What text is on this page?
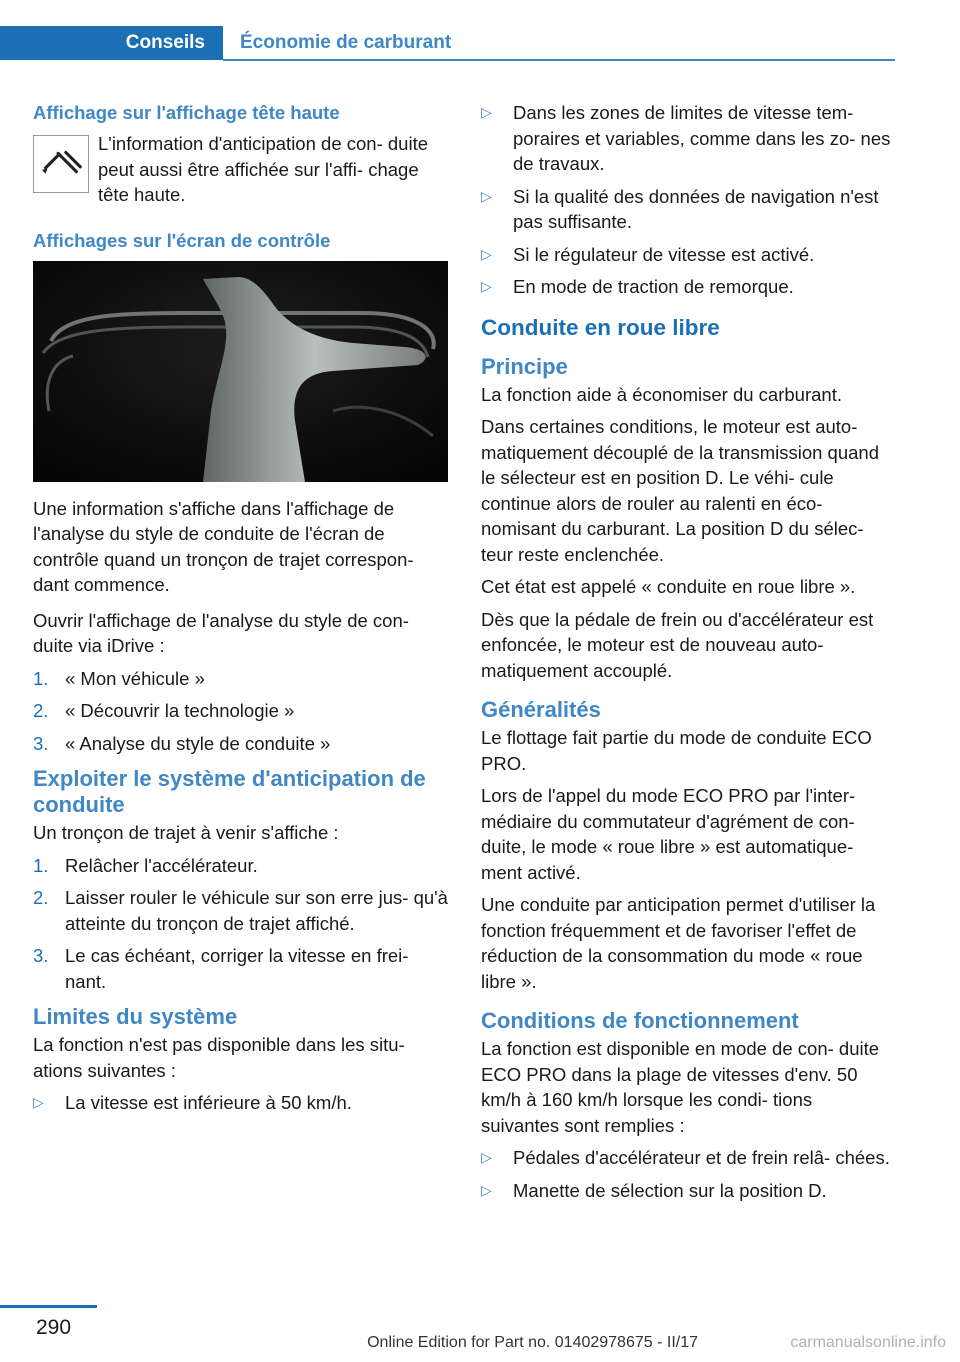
Conseils	Économie de carburant
Affichage sur l'affichage tête haute
L'information d'anticipation de con‐ duite peut aussi être affichée sur l'affi‐ chage tête haute.
Affichages sur l'écran de contrôle

Une information s'affiche dans l'affichage de l'analyse du style de conduite de l'écran de contrôle quand un tronçon de trajet correspon‐ dant commence.

Ouvrir l'affichage de l'analyse du style de con‐ duite via iDrive :

1. « Mon véhicule »
2. « Découvrir la technologie »
3. « Analyse du style de conduite »
Exploiter le système d'anticipation de conduite

Un tronçon de trajet à venir s'affiche :

1. Relâcher l'accélérateur.
2. Laisser rouler le véhicule sur son erre jus‐ qu'à atteinte du tronçon de trajet affiché.
3. Le cas échéant, corriger la vitesse en frei‐ nant.
Limites du système

La fonction n'est pas disponible dans les situ‐ ations suivantes :

▷	La vitesse est inférieure à 50 km/h.
▷	Dans les zones de limites de vitesse tem‐ poraires et variables, comme dans les zo‐ nes de travaux.
▷	Si la qualité des données de navigation n'est pas suffisante.
▷	Si le régulateur de vitesse est activé.
▷	En mode de traction de remorque.
Conduite en roue libre
Principe

La fonction aide à économiser du carburant.

Dans certaines conditions, le moteur est auto‐ matiquement découplé de la transmission quand le sélecteur est en position D. Le véhi‐ cule continue alors de rouler au ralenti en éco‐ nomisant du carburant. La position D du sélec‐ teur reste enclenchée.

Cet état est appelé « conduite en roue libre ».

Dès que la pédale de frein ou d'accélérateur est enfoncée, le moteur est de nouveau auto‐ matiquement accouplé.

Généralités

Le flottage fait partie du mode de conduite ECO PRO.

Lors de l'appel du mode ECO PRO par l'inter‐ médiaire du commutateur d'agrément de con‐ duite, le mode « roue libre » est automatique‐ ment activé.

Une conduite par anticipation permet d'utiliser la fonction fréquemment et de favoriser l'effet de réduction de la consommation du mode « roue libre ».

Conditions de fonctionnement

La fonction est disponible en mode de con‐ duite ECO PRO dans la plage de vitesses d'env. 50 km/h à 160 km/h lorsque les condi‐ tions suivantes sont remplies :

▷	Pédales d'accélérateur et de frein relâ‐ chées.
▷	Manette de sélection sur la position D.
290
Online Edition for Part no. 01402978675 - II/17	carmanualsonline.info
